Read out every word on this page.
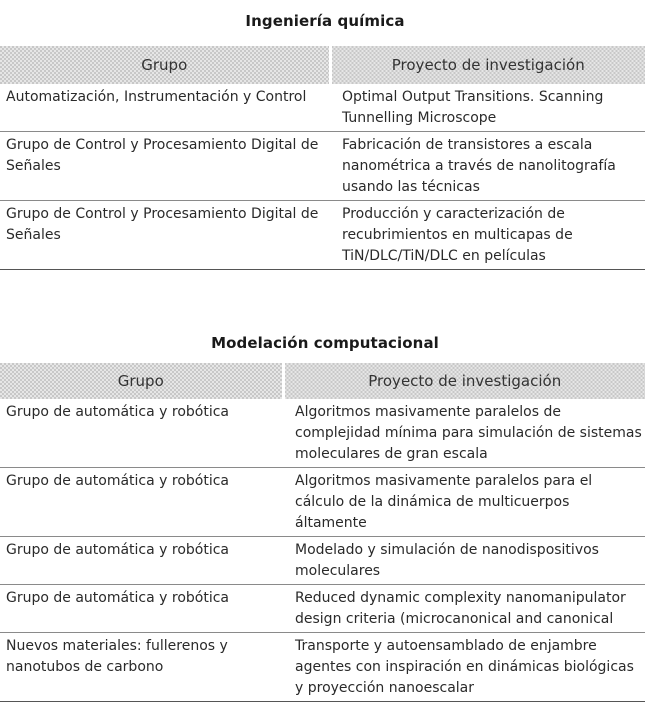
Ingeniería química
Grupo	Proyecto de investigación
Automatización, Instrumentación y Control	Optimal Output Transitions. Scanning Tunnelling Microscope
Grupo de Control y Procesamiento Digital de Señales	Fabricación de transistores a escala nanométrica a través de nanolitografía usando las técnicas
Grupo de Control y Procesamiento Digital de Señales	Producción y caracterización de recubrimientos en multicapas de TiN/DLC/TiN/DLC en películas
Modelación computacional
Grupo	Proyecto de investigación
Grupo de automática y robótica	Algoritmos masivamente paralelos de complejidad mínima para simulación de sistemas moleculares de gran escala
Grupo de automática y robótica	Algoritmos masivamente paralelos para el cálculo de la dinámica de multicuerpos áltamente
Grupo de automática y robótica	Modelado y simulación de nanodispositivos moleculares
Grupo de automática y robótica	Reduced dynamic complexity nanomanipulator design criteria (microcanonical and canonical
Nuevos materiales: fullerenos y nanotubos de carbono	Transporte y autoensamblado de enjambre agentes con inspiración en dinámicas biológicas y proyección nanoescalar
